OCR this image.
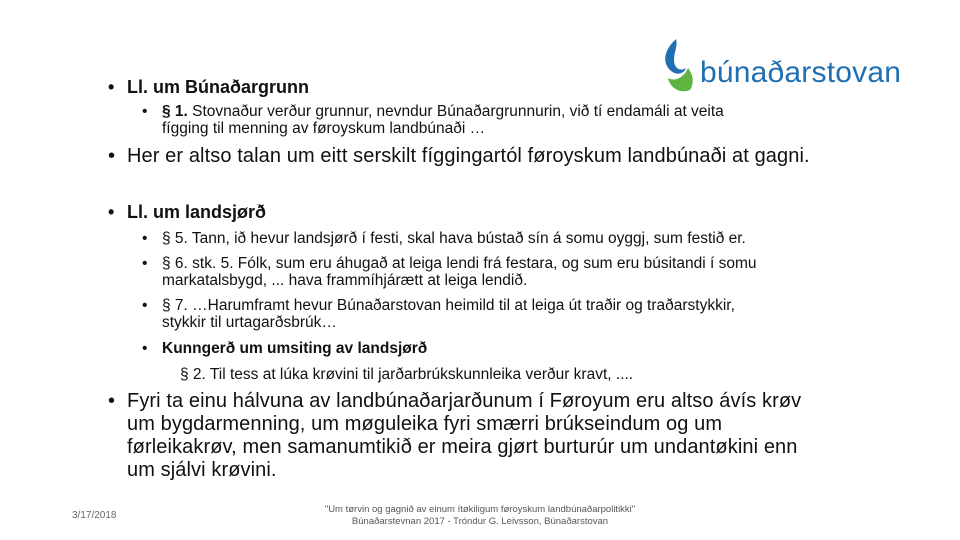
búnaðarstovan
• Ll. um Búnaðargrunn
• § 1. Stovnaður verður grunnur, nevndur Búnaðargrunnurin, við tí endamáli at veita
fígging til menning av føroyskum landbúnaði …
• Her er altso talan um eitt serskilt fíggingartól føroyskum landbúnaði at gagni.
• Ll. um landsjørð
• § 5. Tann, ið hevur landsjørð í festi, skal hava bústað sín á somu oyggj, sum festið er.
• § 6. stk. 5. Fólk, sum eru áhugað at leiga lendi frá festara, og sum eru búsitandi í somu
markatalsbygd, ... hava frammíhjárætt at leiga lendið.
• § 7. …Harumframt hevur Búnaðarstovan heimild til at leiga út traðir og traðarstykkir,
stykkir til urtagarðsbrúk…
• Kunngerð um umsiting av landsjørð
§ 2. Til tess at lúka krøvini til jarðarbrúkskunnleika verður kravt, ....
• Fyri ta einu hálvuna av landbúnaðarjarðunum í Føroyum eru altso ávís krøv
um bygdarmenning, um møguleika fyri smærri brúkseindum og um
førleikakrøv, men samanumtikið er meira gjørt burturúr um undantøkini enn
um sjálvi krøvini.
3/17/2018
"Um tørvin og gagnið av einum ítøkiligum føroyskum landbúnaðarpolitikki"
Búnaðarstevnan 2017 - Tróndur G. Leivsson, Búnaðarstovan
